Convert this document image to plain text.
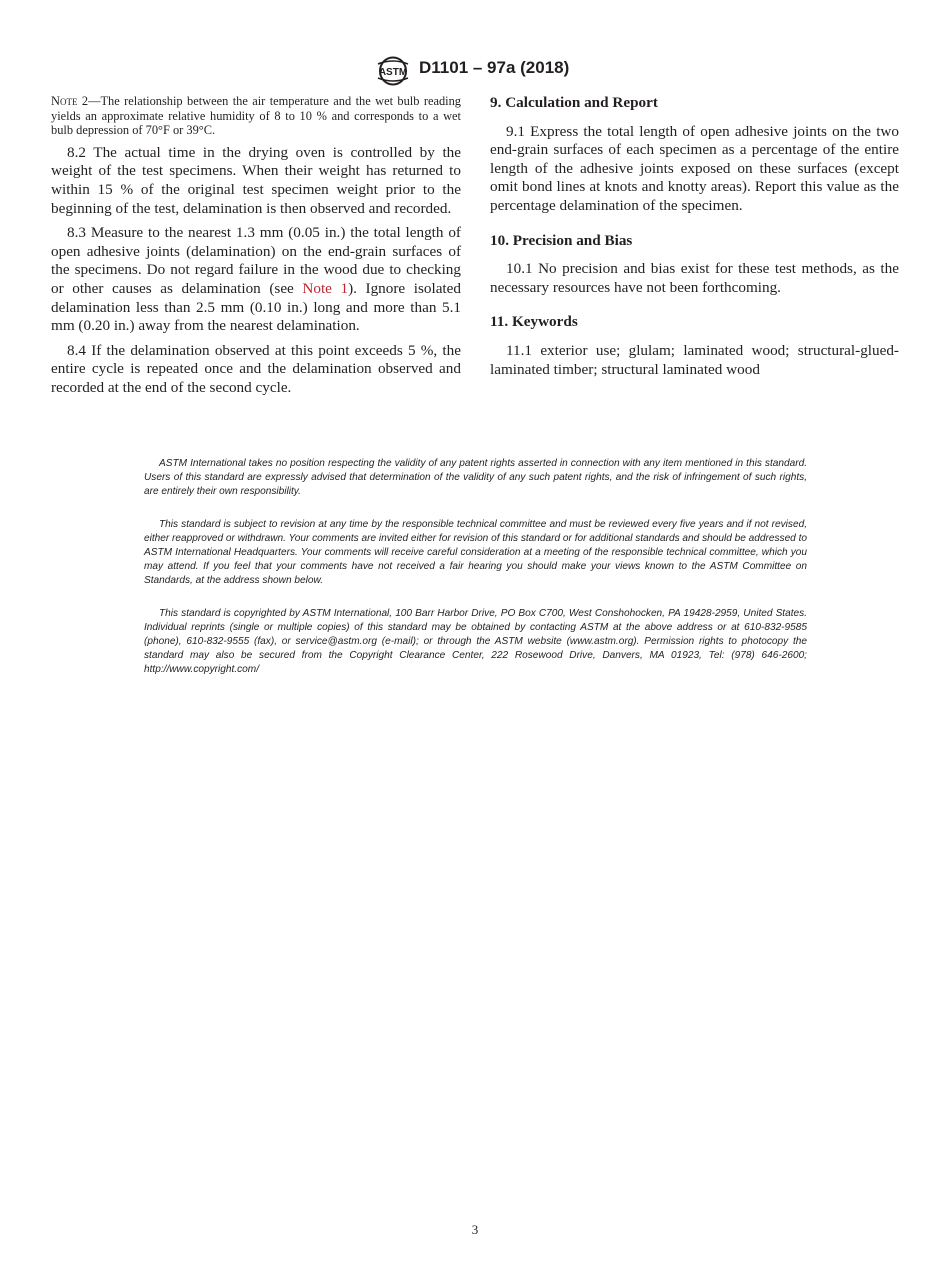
ASTM D1101 – 97a (2018)

Note 2—The relationship between the air temperature and the wet bulb reading yields an approximate relative humidity of 8 to 10 % and corresponds to a wet bulb depression of 70°F or 39°C.

8.2 The actual time in the drying oven is controlled by the weight of the test specimens. When their weight has returned to within 15 % of the original test specimen weight prior to the beginning of the test, delamination is then observed and recorded.

8.3 Measure to the nearest 1.3 mm (0.05 in.) the total length of open adhesive joints (delamination) on the end-grain surfaces of the specimens. Do not regard failure in the wood due to checking or other causes as delamination (see Note 1). Ignore isolated delamination less than 2.5 mm (0.10 in.) long and more than 5.1 mm (0.20 in.) away from the nearest delamination.

8.4 If the delamination observed at this point exceeds 5 %, the entire cycle is repeated once and the delamination observed and recorded at the end of the second cycle.

9. Calculation and Report

9.1 Express the total length of open adhesive joints on the two end-grain surfaces of each specimen as a percentage of the entire length of the adhesive joints exposed on these surfaces (except omit bond lines at knots and knotty areas). Report this value as the percentage delamination of the specimen.

10. Precision and Bias

10.1 No precision and bias exist for these test methods, as the necessary resources have not been forthcoming.

11. Keywords

11.1 exterior use; glulam; laminated wood; structural-glued-laminated timber; structural laminated wood

ASTM International takes no position respecting the validity of any patent rights asserted in connection with any item mentioned in this standard. Users of this standard are expressly advised that determination of the validity of any such patent rights, and the risk of infringement of such rights, are entirely their own responsibility.

This standard is subject to revision at any time by the responsible technical committee and must be reviewed every five years and if not revised, either reapproved or withdrawn. Your comments are invited either for revision of this standard or for additional standards and should be addressed to ASTM International Headquarters. Your comments will receive careful consideration at a meeting of the responsible technical committee, which you may attend. If you feel that your comments have not received a fair hearing you should make your views known to the ASTM Committee on Standards, at the address shown below.

This standard is copyrighted by ASTM International, 100 Barr Harbor Drive, PO Box C700, West Conshohocken, PA 19428-2959, United States. Individual reprints (single or multiple copies) of this standard may be obtained by contacting ASTM at the above address or at 610-832-9585 (phone), 610-832-9555 (fax), or service@astm.org (e-mail); or through the ASTM website (www.astm.org). Permission rights to photocopy the standard may also be secured from the Copyright Clearance Center, 222 Rosewood Drive, Danvers, MA 01923, Tel: (978) 646-2600; http://www.copyright.com/

3
